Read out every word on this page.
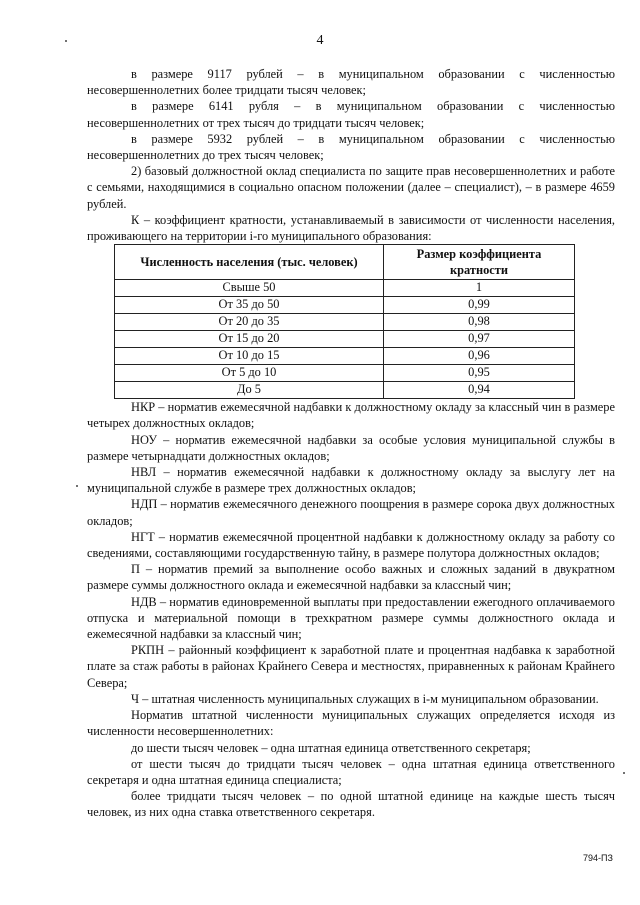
4

в размере 9117 рублей – в муниципальном образовании с численностью несовершеннолетних более тридцати тысяч человек;

в размере 6141 рубля – в муниципальном образовании с численностью несовершеннолетних от трех тысяч до тридцати тысяч человек;

в размере 5932 рублей – в муниципальном образовании с численностью несовершеннолетних до трех тысяч человек;

2) базовый должностной оклад специалиста по защите прав несовершеннолетних и работе с семьями, находящимися в социально опасном положении (далее – специалист), – в размере 4659 рублей.

К – коэффициент кратности, устанавливаемый в зависимости от численности населения, проживающего на территории i-го муниципального образования:

Численность населения (тыс. человек)	Размер коэффициента кратности
Свыше 50	1
От 35 до 50	0,99
От 20 до 35	0,98
От 15 до 20	0,97
От 10 до 15	0,96
От 5 до 10	0,95
До 5	0,94

НКР – норматив ежемесячной надбавки к должностному окладу за классный чин в размере четырех должностных окладов;

НОУ – норматив ежемесячной надбавки за особые условия муниципальной службы в размере четырнадцати должностных окладов;

НВЛ – норматив ежемесячной надбавки к должностному окладу за выслугу лет на муниципальной службе в размере трех должностных окладов;

НДП – норматив ежемесячного денежного поощрения в размере сорока двух должностных окладов;

НГТ – норматив ежемесячной процентной надбавки к должностному окладу за работу со сведениями, составляющими государственную тайну, в размере полутора должностных окладов;

П – норматив премий за выполнение особо важных и сложных заданий в двукратном размере суммы должностного оклада и ежемесячной надбавки за классный чин;

НДВ – норматив единовременной выплаты при предоставлении ежегодного оплачиваемого отпуска и материальной помощи в трехкратном размере суммы должностного оклада и ежемесячной надбавки за классный чин;

РКПН – районный коэффициент к заработной плате и процентная надбавка к заработной плате за стаж работы в районах Крайнего Севера и местностях, приравненных к районам Крайнего Севера;

Ч – штатная численность муниципальных служащих в i-м муниципальном образовании.

Норматив штатной численности муниципальных служащих определяется исходя из численности несовершеннолетних:

до шести тысяч человек – одна штатная единица ответственного секретаря;

от шести тысяч до тридцати тысяч человек – одна штатная единица ответственного секретаря и одна штатная единица специалиста;

более тридцати тысяч человек – по одной штатной единице на каждые шесть тысяч человек, из них одна ставка ответственного секретаря.

794-ПЗ
